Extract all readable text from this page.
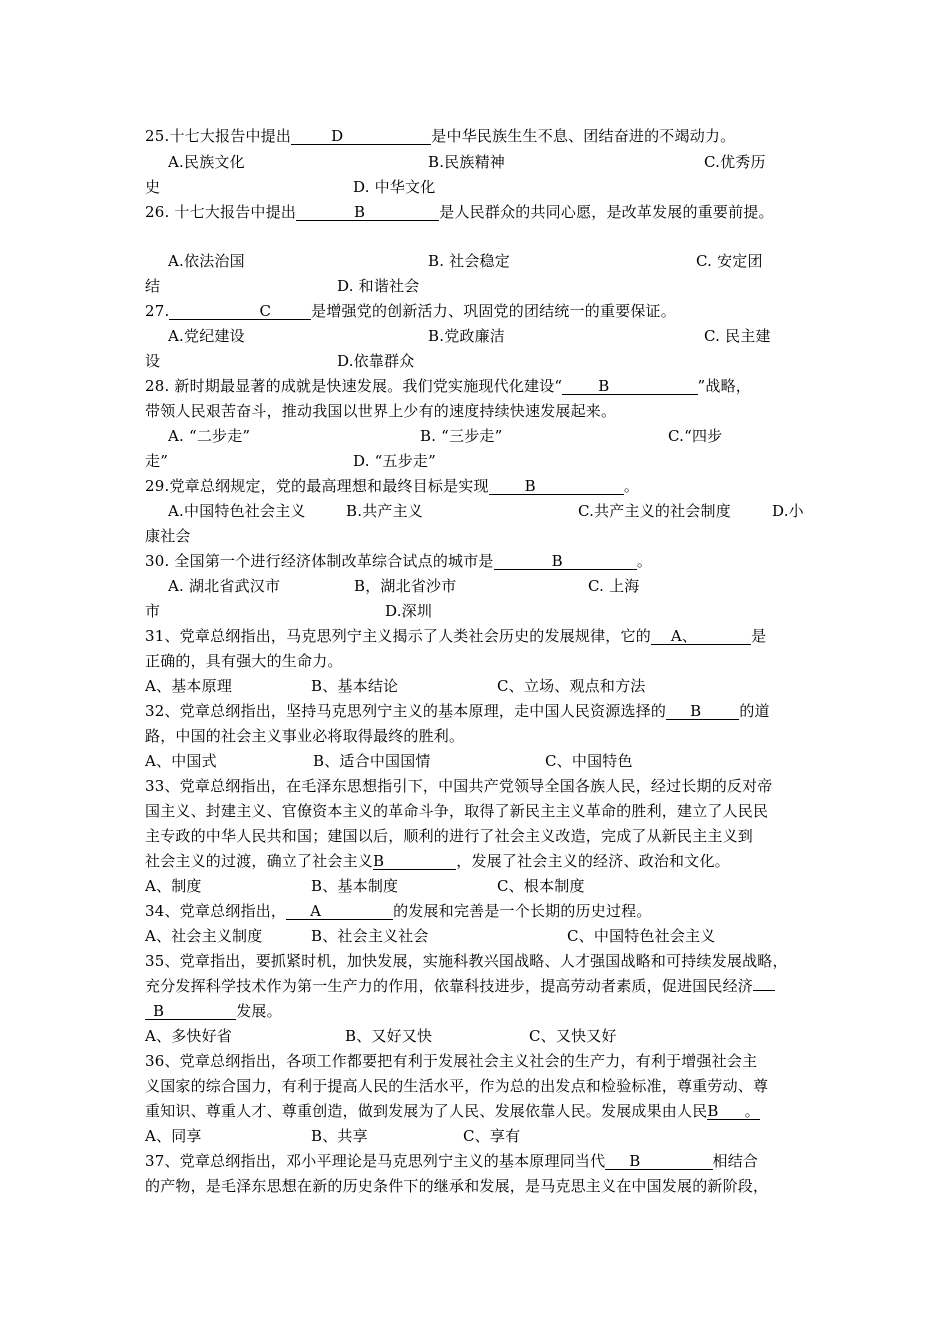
25.十七大报告中提出	D	是中华民族生生不息、团结奋进的不竭动力。
A.民族文化	B.民族精神	C.优秀历
史	D. 中华文化
26. 十七大报告中提出	B	是人民群众的共同心愿，是改革发展的重要前提。
A.依法治国	B. 社会稳定	C. 安定团
结	D. 和谐社会
27.	C	是增强党的创新活力、巩固党的团结统一的重要保证。
A.党纪建设	B.党政廉洁	C. 民主建
设	D.依靠群众
28. 新时期最显著的成就是快速发展。我们党实施现代化建设“ B	”战略，
带领人民艰苦奋斗，推动我国以世界上少有的速度持续快速发展起来。
A. “二步走”	B. “三步走”	C.“四步
走”	D. “五步走”
29.党章总纲规定，党的最高理想和最终目标是实现 B	。
A.中国特色社会主义	B.共产主义	C.共产主义的社会制度	D.小
康社会
30. 全国第一个进行经济体制改革综合试点的城市是	B	。
A. 湖北省武汉市	B，湖北省沙市	C. 上海
市	D.深圳
31、党章总纲指出，马克思列宁主义揭示了人类社会历史的发展规律，它的 A、	是
正确的，具有强大的生命力。
A、基本原理	B、基本结论	C、立场、观点和方法
32、党章总纲指出，坚持马克思列宁主义的基本原理，走中国人民资源选择的 B	的道
路，中国的社会主义事业必将取得最终的胜利。
A、中国式	B、适合中国国情	C、中国特色
33、党章总纲指出，在毛泽东思想指引下，中国共产党领导全国各族人民，经过长期的反对帝
国主义、封建主义、官僚资本主义的革命斗争，取得了新民主主义革命的胜利，建立了人民民
主专政的中华人民共和国；建国以后，顺利的进行了社会主义改造，完成了从新民主主义到
社会主义的过渡，确立了社会主义B	，发展了社会主义的经济、政治和文化。
A、制度	B、基本制度	C、根本制度
34、党章总纲指出， A	的发展和完善是一个长期的历史过程。
A、社会主义制度	B、社会主义社会	C、中国特色社会主义
35、党章指出，要抓紧时机，加快发展，实施科教兴国战略、人才强国战略和可持续发展战略，
充分发挥科学技术作为第一生产力的作用，依靠科技进步，提高劳动者素质，促进国民经济
B	发展。
A、多快好省	B、又好又快	C、又快又好
36、党章总纲指出，各项工作都要把有利于发展社会主义社会的生产力，有利于增强社会主
义国家的综合国力，有利于提高人民的生活水平，作为总的出发点和检验标准，尊重劳动、尊
重知识、尊重人才、尊重创造，做到发展为了人民、发展依靠人民。发展成果由人民B 。
A、同享	B、共享	C、享有
37、党章总纲指出，邓小平理论是马克思列宁主义的基本原理同当代 B	相结合
的产物，是毛泽东思想在新的历史条件下的继承和发展，是马克思主义在中国发展的新阶段，
